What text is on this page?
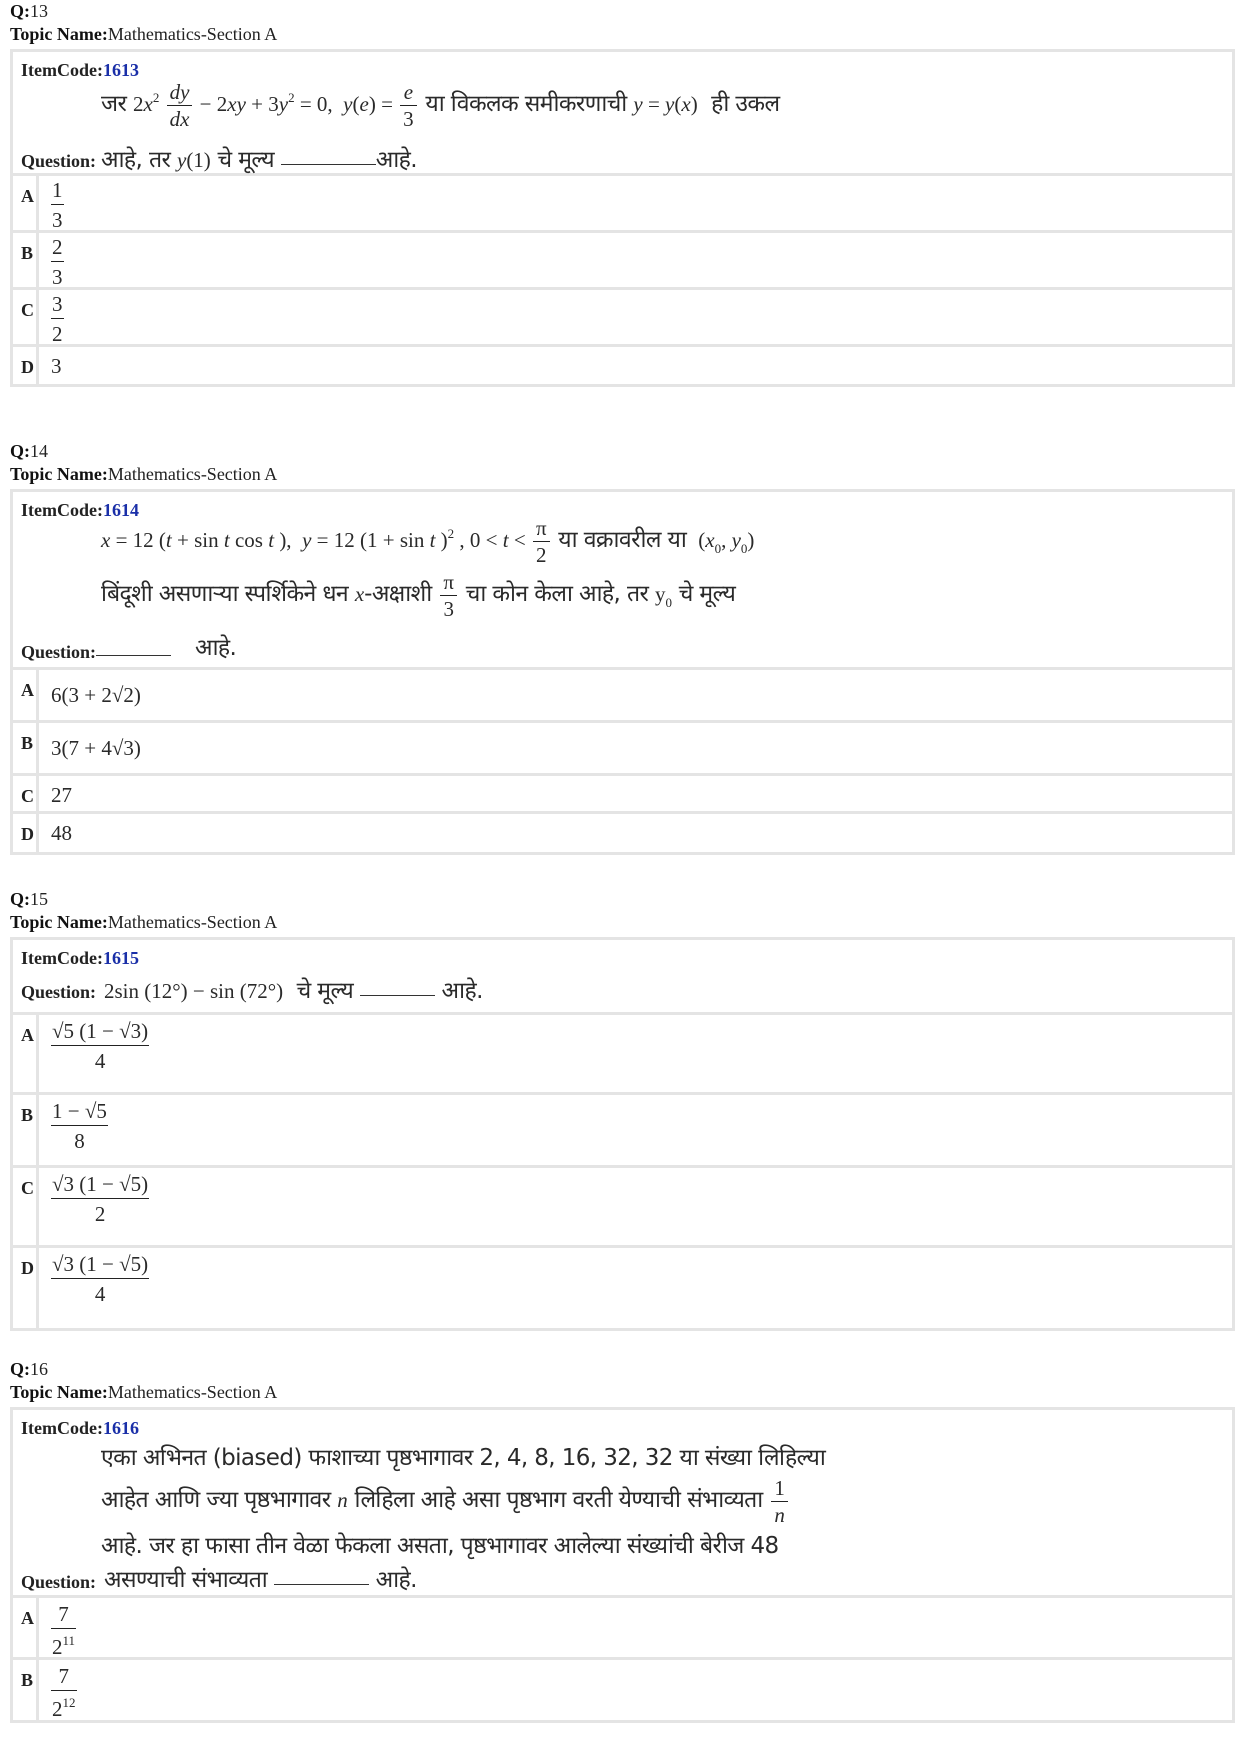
Q:13
Topic Name:Mathematics-Section A
ItemCode:1613
जर $2x^2 \frac{dy}{dx} - 2xy + 3y^2 = 0$,  $y(e) = \frac{e}{3}$ या विकलक समीकरणाची y = y(x) ही उकल
Question: आहे, तर y(1) चे मूल्य	आहे.
A $\frac{1}{3}$
B $\frac{2}{3}$
C $\frac{3}{2}$
D 3
Q:14
Topic Name:Mathematics-Section A
ItemCode:1614
x = 12 (t + sin t cos t ),  y = 12 (1 + sin t )$^2$ , $0 < t < \frac{\pi}{2}$ या वक्रावरील या  ($x_0$, $y_0$)
बिंदूशी असणाऱ्या स्पर्शिकेने धन x-अक्षाशी $\frac{\pi}{3}$ चा कोन केला आहे, तर $y_0$ चे मूल्य
Question:	आहे.
A 6(3 + 2√2)
B 3(7 + 4√3)
C 27
D 48
Q:15
Topic Name:Mathematics-Section A
ItemCode:1615
Question: 2sin (12°) − sin (72°) चे मूल्य	आहे.
A $\frac{√5 (1 - √3)}{4}$
B $\frac{1 - √5}{8}$
C $\frac{√3 (1 - √5)}{2}$
D $\frac{√3 (1 - √5)}{4}$
Q:16
Topic Name:Mathematics-Section A
ItemCode:1616
एका अभिनत (biased) फाशाच्या पृष्ठभागावर 2, 4, 8, 16, 32, 32 या संख्या लिहिल्या
आहेत आणि ज्या पृष्ठभागावर n लिहिला आहे असा पृष्ठभाग वरती येण्याची संभाव्यता $\frac{1}{n}$
आहे. जर हा फासा तीन वेळा फेकला असता, पृष्ठभागावर आलेल्या संख्यांची बेरीज 48
Question: असण्याची संभाव्यता	आहे.
A $\frac{7}{2^{11}}$
B $\frac{7}{2^{12}}$
